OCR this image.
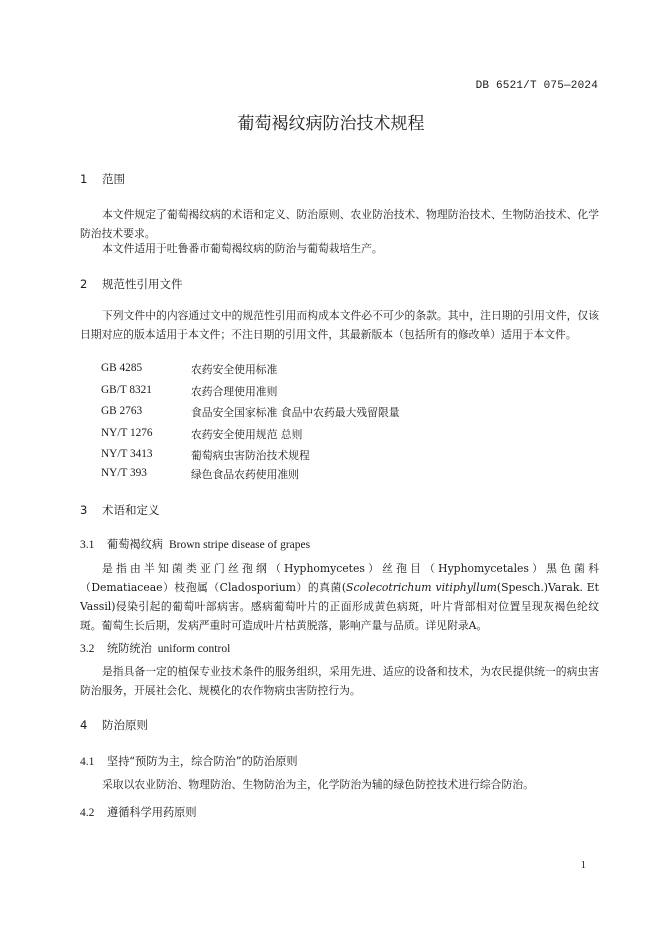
DB 6521/T 075—2024
葡萄褐纹病防治技术规程
1 范围

本文件规定了葡萄褐纹病的术语和定义、防治原则、农业防治技术、物理防治技术、生物防治技术、化学防治技术要求。

本文件适用于吐鲁番市葡萄褐纹病的防治与葡萄栽培生产。

2 规范性引用文件

下列文件中的内容通过文中的规范性引用而构成本文件必不可少的条款。其中，注日期的引用文件，仅该日期对应的版本适用于本文件；不注日期的引用文件，其最新版本（包括所有的修改单）适用于本文件。

GB 4285	农药安全使用标准
GB/T 8321	农药合理使用准则
GB 2763	食品安全国家标准 食品中农药最大残留限量
NY/T 1276	农药安全使用规范 总则
NY/T 3413	葡萄病虫害防治技术规程
NY/T 393	绿色食品农药使用准则
3 术语和定义
3.1 葡萄褐纹病 Brown stripe disease of grapes

是指由半知菌类亚门丝孢纲（Hyphomycetes）丝孢目（Hyphomycetales）黑色菌科（Dematiaceae）枝孢属（Cladosporium）的真菌(Scolecotrichum vitiphyllum(Spesch.)Varak. Et Vassil)侵染引起的葡萄叶部病害。感病葡萄叶片的正面形成黄色病斑，叶片背部相对位置呈现灰褐色纶纹斑。葡萄生长后期，发病严重时可造成叶片枯黄脱落，影响产量与品质。详见附录A。

3.2 统防统治 uniform control

是指具备一定的植保专业技术条件的服务组织，采用先进、适应的设备和技术，为农民提供统一的病虫害防治服务，开展社会化、规模化的农作物病虫害防控行为。

4 防治原则
4.1 坚持“预防为主，综合防治”的防治原则

采取以农业防治、物理防治、生物防治为主，化学防治为辅的绿色防控技术进行综合防治。

4.2 遵循科学用药原则
1
